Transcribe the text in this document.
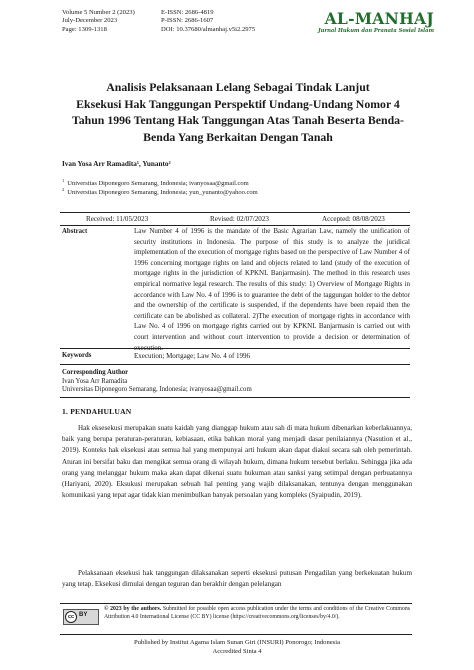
Volume 5 Number 2 (2023)
July-December 2023
Page: 1309-1318
E-ISSN: 2686-4819
P-ISSN: 2686-1607
DOI: 10.37680/almanhaj.v5i2.2975
AL-MANHAJ
Jurnal Hukum dan Pranata Sosial Islam
Analisis Pelaksanaan Lelang Sebagai Tindak Lanjut
Eksekusi Hak Tanggungan Perspektif Undang-Undang Nomor 4
Tahun 1996 Tentang Hak Tanggungan Atas Tanah Beserta Benda-
Benda Yang Berkaitan Dengan Tanah
Ivan Yosa Arr Ramadita¹, Yunanto²
$^1$ Universitas Diponegoro Semarang, Indonesia; ivanyosaa@gmail.com
$^2$ Universitas Diponegoro Semarang, Indonesia; yun_yunanto@yahoo.com
Received: 11/05/2023	Revised: 02/07/2023	Accepted: 08/08/2023
Abstract	Law Number 4 of 1996 is the mandate of the Basic Agrarian Law, namely the unification of security institutions in Indonesia. The purpose of this study is to analyze the juridical implementation of the execution of mortgage rights based on the perspective of Law Number 4 of 1996 concerning mortgage rights on land and objects related to land (study of the execution of mortgage rights in the jurisdiction of KPKNL Banjarmasin). The method in this research uses empirical normative legal research. The results of this study: 1) Overview of Mortgage Rights in accordance with Law No. 4 of 1996 is to guarantee the debt of the taggungan holder to the debtor and the ownership of the certificate is suspended, if the dependents have been repaid then the certificate can be abolished as collateral. 2)The execution of mortgage rights in accordance with Law No. 4 of 1996 on mortgage rights carried out by KPKNL Banjarmasin is carried out with court intervention and without court intervention to provide a decision or determination of execution.
Keywords	Execution; Mortgage; Law No. 4 of 1996
Corresponding Author
Ivan Yosa Arr Ramadita
Universitas Diponegoro Semarang, Indonesia; ivanyosaa@gmail.com
1. PENDAHULUAN
Hak eksesekusi merupakan suatu kaidah yang dianggap hukum atau sah di mata hukum dibenarkan keberlakuannya, baik yang berupa peraturan-peraturan, kebiasaan, etika bahkan moral yang menjadi dasar penilaiannya (Nasution et al., 2019). Konteks hak eksekusi atau semua hal yang mempunyai arti hukum akan dapat diakui secara sah oleh pemerintah. Aturan ini bersifat baku dan mengikat semua orang di wilayah hukum, dimana hukum tersebut berlaku. Sehingga jika ada orang yang melanggar hukum maka akan dapat dikenai suatu hukuman atau sanksi yang setimpal dengan perbuatannya (Hariyani, 2020). Eksukusi merupakan sebuah hal penting yang wajib dilaksanakan, tentunya dengan menggunakan komunikasi yang tepat agar tidak kian menimbulkan banyak persoalan yang kompleks (Syaipudin, 2019).
Pelaksanaan eksekusi hak tanggungan dilaksanakan seperti eksekusi putusan Pengadilan yang berkekuatan hukum yang tetap. Eksekusi dimulai dengan teguran dan berakhir dengan pelelangan
cc BY
© 2023 by the authors. Submitted for possible open access publication under the terms and conditions of the Creative Commons Attribution 4.0 International License (CC BY) license (https://creativecommons.org/licenses/by/4.0/).
Published by Institut Agama Islam Sunan Giri (INSURI) Ponorogo; Indonesia
Accredited Sinta 4
